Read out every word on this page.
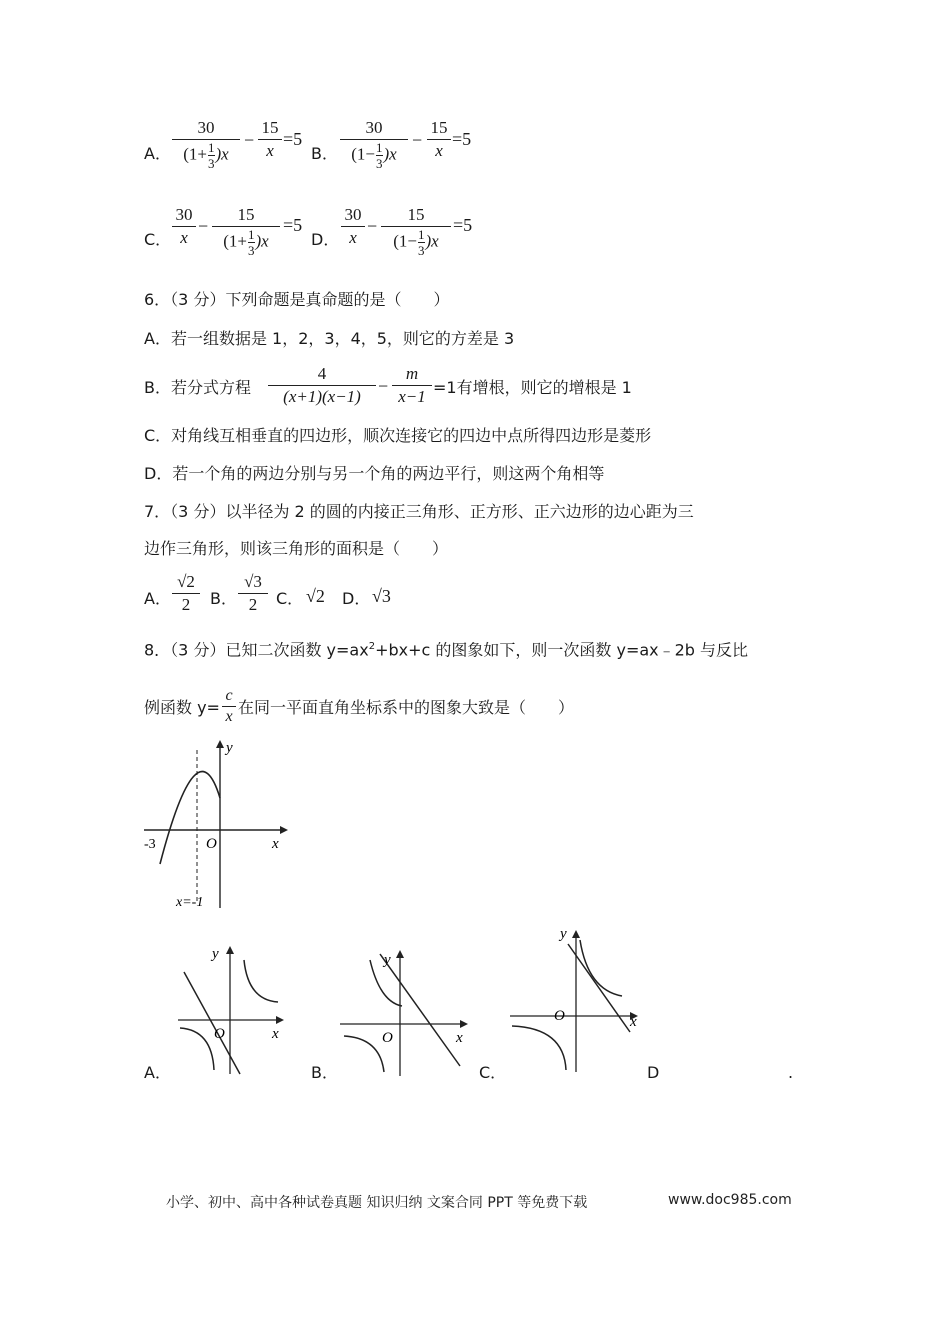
A．
30
$(1+\frac{1}{3})x$
−
15
x
=5
B．
30
$(1-\frac{1}{3})x$
−
15
x
=5
C．
30
x
−
15
$(1+\frac{1}{3})x$
=5
D．
30
x
−
15
$(1-\frac{1}{3})x$
=5
6．（3 分）下列命题是真命题的是（　　）
A．若一组数据是 1，2，3，4，5，则它的方差是 3
B．若分式方程
4
(x+1)(x−1)
−
m
x−1 =1有增根，则它的增根是 1
C．对角线互相垂直的四边形，顺次连接它的四边中点所得四边形是菱形
D．若一个角的两边分别与另一个角的两边平行，则这两个角相等
7．（3 分）以半径为 2 的圆的内接正三角形、正方形、正六边形的边心距为三
边作三角形，则该三角形的面积是（　　）
A．
√2
2	B．
√3
2	C． √2 D． √3
8．（3 分）已知二次函数 $y=ax^2+bx+c$ 的图象如下，则一次函数 y=ax﹣2b 与反比
例函数 y=
c
x 在同一平面直角坐标系中的图象大致是（　　）
y
x
O
-3
x=-1
A．
y
x
O
B．
y
x
O
C．
y
x
O
D	.
小学、初中、高中各种试卷真题 知识归纳 文案合同 PPT 等免费下载	www.doc985.com
